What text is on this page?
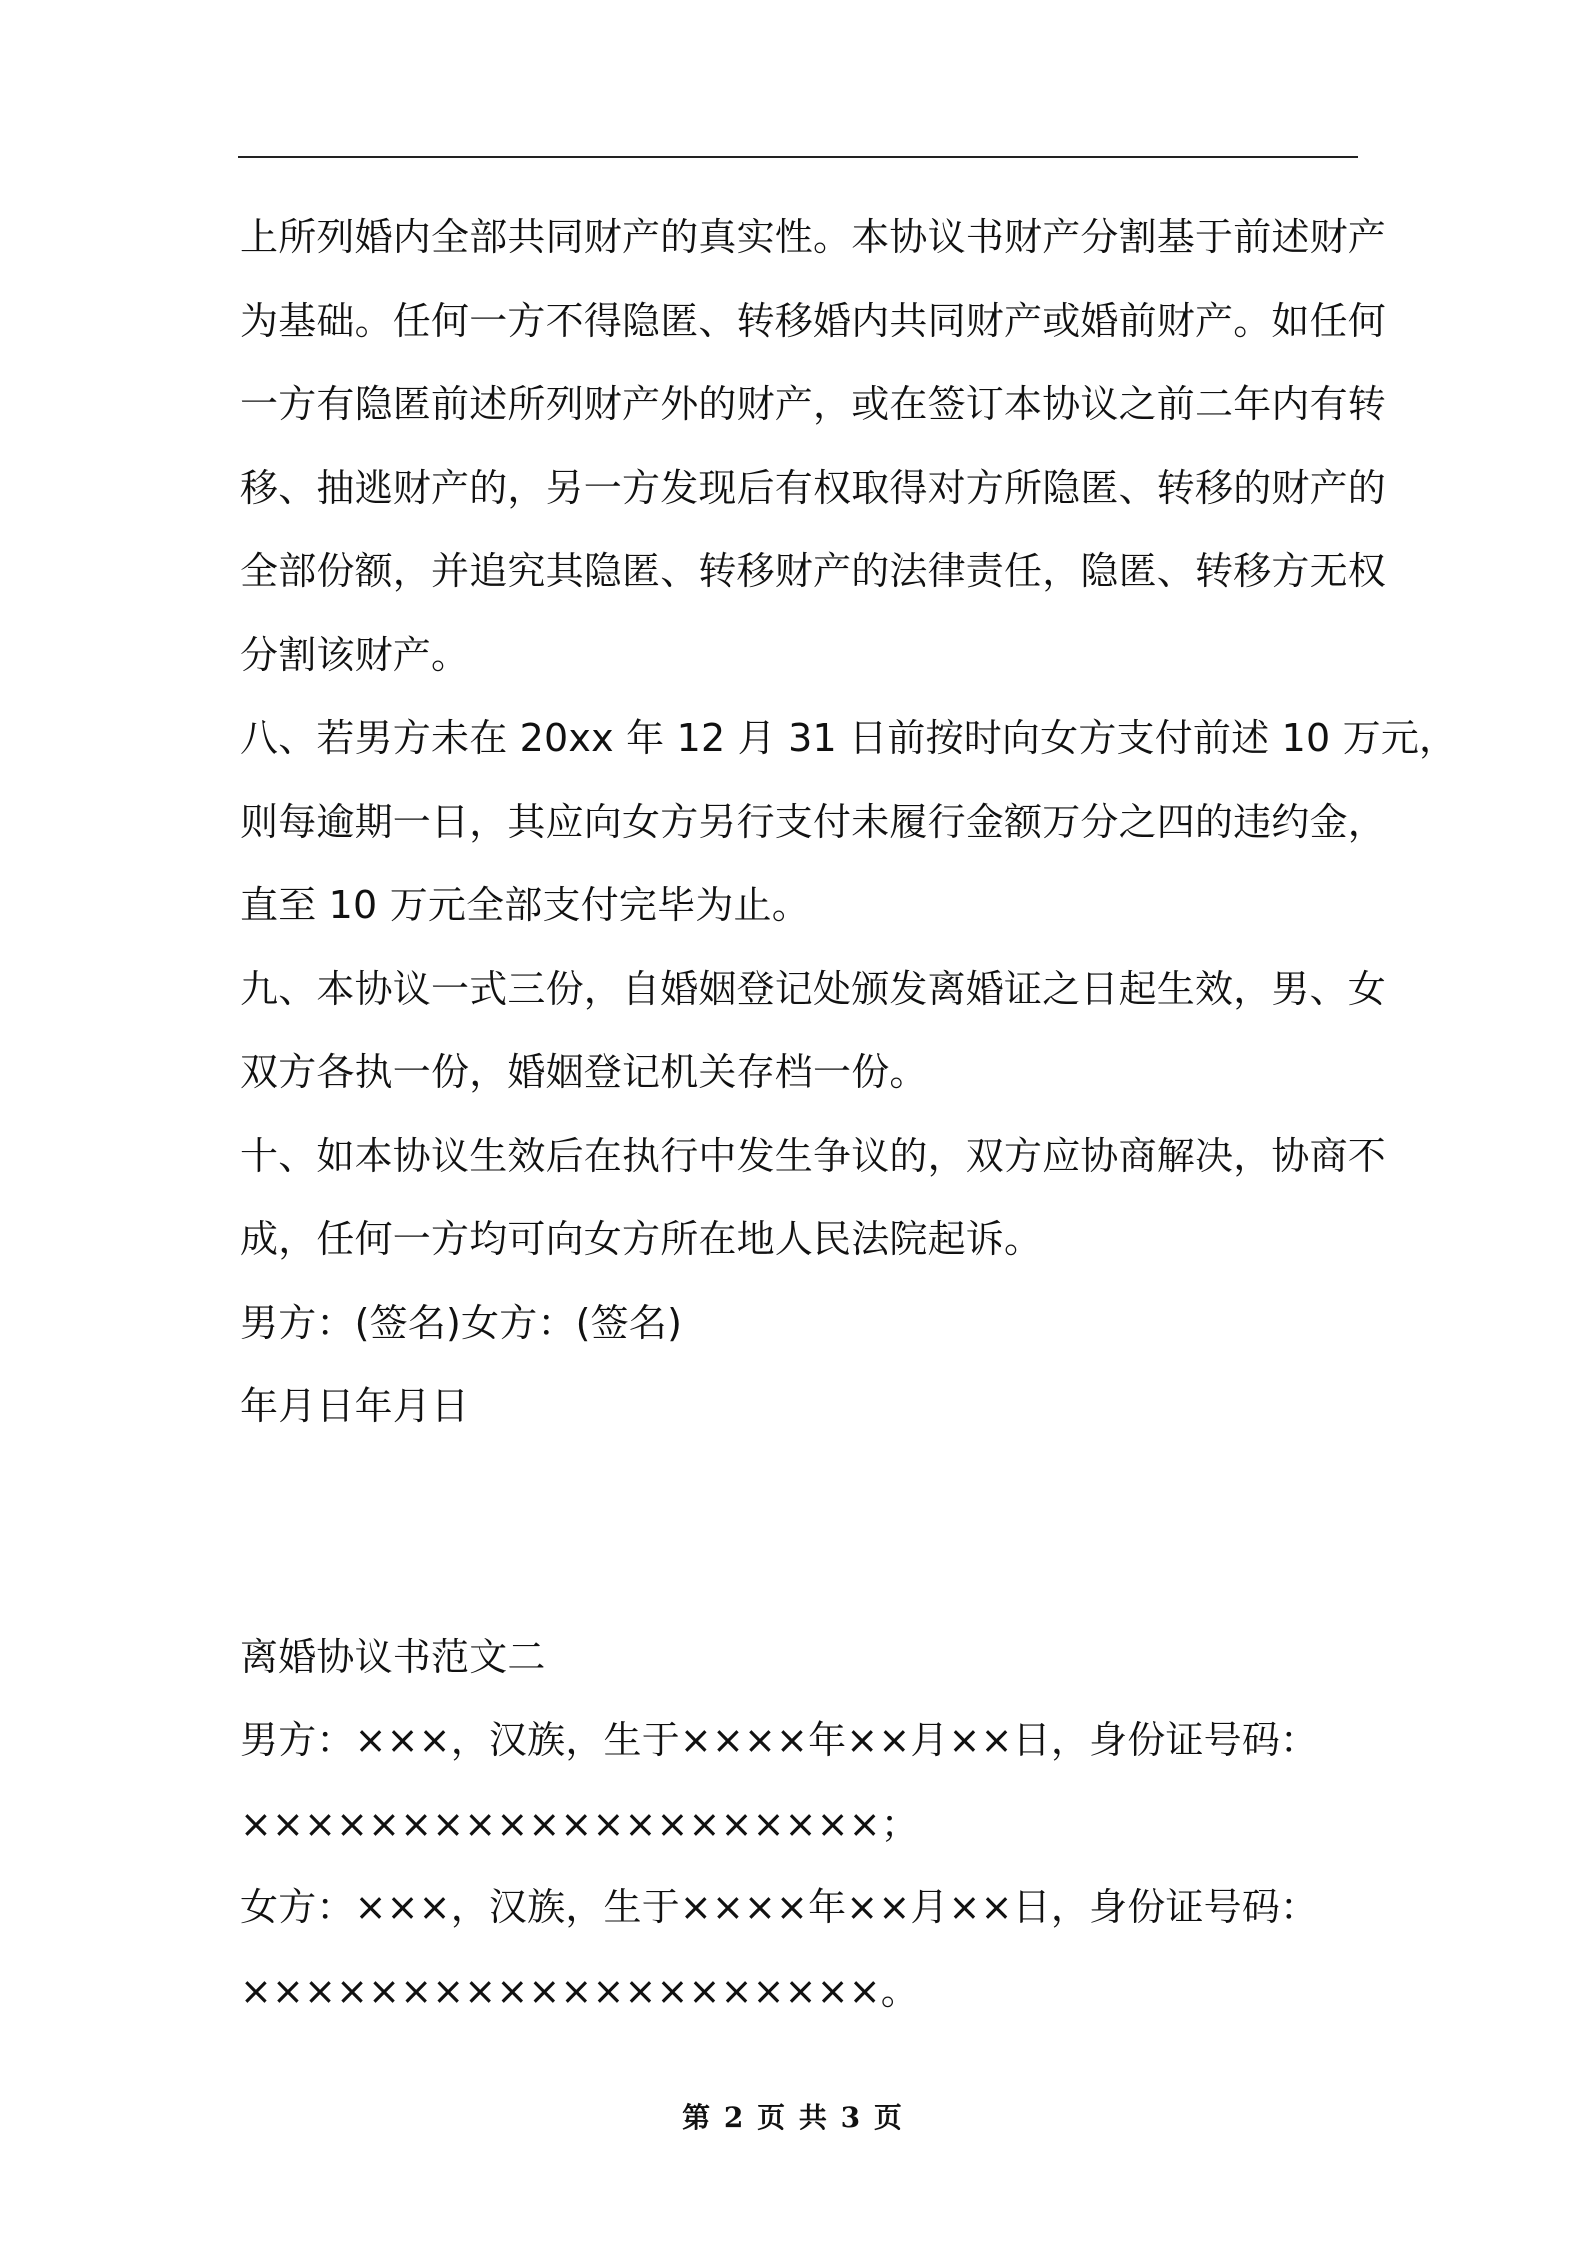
上所列婚内全部共同财产的真实性。本协议书财产分割基于前述财产
为基础。任何一方不得隐匿、转移婚内共同财产或婚前财产。如任何
一方有隐匿前述所列财产外的财产，或在签订本协议之前二年内有转
移、抽逃财产的，另一方发现后有权取得对方所隐匿、转移的财产的
全部份额，并追究其隐匿、转移财产的法律责任，隐匿、转移方无权
分割该财产。
八、若男方未在 20xx 年 12 月 31 日前按时向女方支付前述 10 万元，
则每逾期一日，其应向女方另行支付未履行金额万分之四的违约金，
直至 10 万元全部支付完毕为止。
九、本协议一式三份，自婚姻登记处颁发离婚证之日起生效，男、女
双方各执一份，婚姻登记机关存档一份。
十、如本协议生效后在执行中发生争议的，双方应协商解决，协商不
成，任何一方均可向女方所在地人民法院起诉。
男方：(签名)女方：(签名)
年月日年月日
离婚协议书范文二
男方：×××，汉族，生于××××年××月××日，身份证号码：
××××××××××××××××××××；
女方：×××，汉族，生于××××年××月××日，身份证号码：
××××××××××××××××××××。
第 2 页 共 3 页
